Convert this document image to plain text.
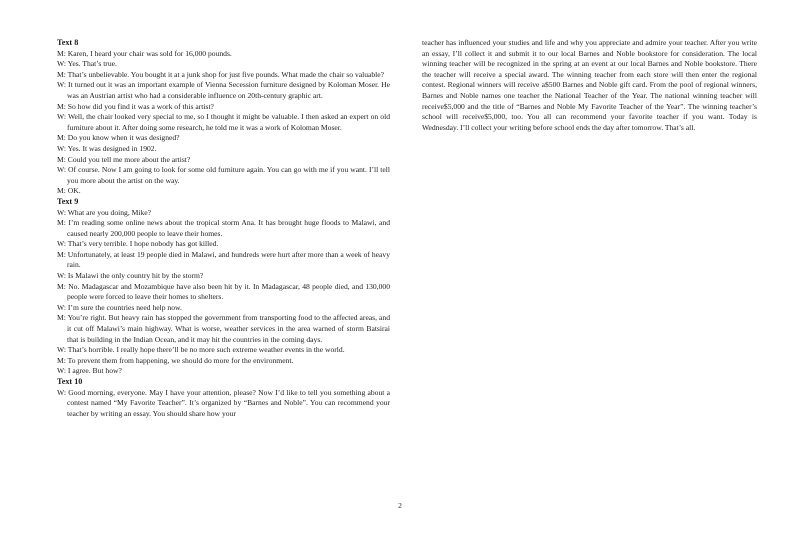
Text 8
M: Karen, I heard your chair was sold for 16,000 pounds.
W: Yes. That’s true.
M: That’s unbelievable. You bought it at a junk shop for just five pounds. What made the chair so valuable?
W: It turned out it was an important example of Vienna Secession furniture designed by Koloman Moser. He was an Austrian artist who had a considerable influence on 20th-century graphic art.
M: So how did you find it was a work of this artist?
W: Well, the chair looked very special to me, so I thought it might be valuable. I then asked an expert on old furniture about it. After doing some research, he told me it was a work of Koloman Moser.
M: Do you know when it was designed?
W: Yes. It was designed in 1902.
M: Could you tell me more about the artist?
W: Of course. Now I am going to look for some old furniture again. You can go with me if you want. I’ll tell you more about the artist on the way.
M: OK.
Text 9
W: What are you doing, Mike?
M: I’m reading some online news about the tropical storm Ana. It has brought huge floods to Malawi, and caused nearly 200,000 people to leave their homes.
W: That’s very terrible. I hope nobody has got killed.
M: Unfortunately, at least 19 people died in Malawi, and hundreds were hurt after more than a week of heavy rain.
W: Is Malawi the only country hit by the storm?
M: No. Madagascar and Mozambique have also been hit by it. In Madagascar, 48 people died, and 130,000 people were forced to leave their homes to shelters.
W: I’m sure the countries need help now.
M: You’re right. But heavy rain has stopped the government from transporting food to the affected areas, and it cut off Malawi’s main highway. What is worse, weather services in the area warned of storm Batsirai that is building in the Indian Ocean, and it may hit the countries in the coming days.
W: That’s horrible. I really hope there’ll be no more such extreme weather events in the world.
M: To prevent them from happening, we should do more for the environment.
W: I agree. But how?
Text 10
W: Good morning, everyone. May I have your attention, please? Now I’d like to tell you something about a contest named “My Favorite Teacher”. It’s organized by “Barnes and Noble”. You can recommend your teacher by writing an essay. You should share how your
teacher has influenced your studies and life and why you appreciate and admire your teacher. After you write an essay, I’ll collect it and submit it to our local Barnes and Noble bookstore for consideration. The local winning teacher will be recognized in the spring at an event at our local Barnes and Noble bookstore. There the teacher will receive a special award. The winning teacher from each store will then enter the regional contest. Regional winners will receive a$500 Barnes and Noble gift card. From the pool of regional winners, Barnes and Noble names one teacher the National Teacher of the Year. The national winning teacher will receive$5,000 and the title of “Barnes and Noble My Favorite Teacher of the Year”. The winning teacher’s school will receive$5,000, too. You all can recommend your favorite teacher if you want. Today is Wednesday. I’ll collect your writing before school ends the day after tomorrow. That’s all.
2
